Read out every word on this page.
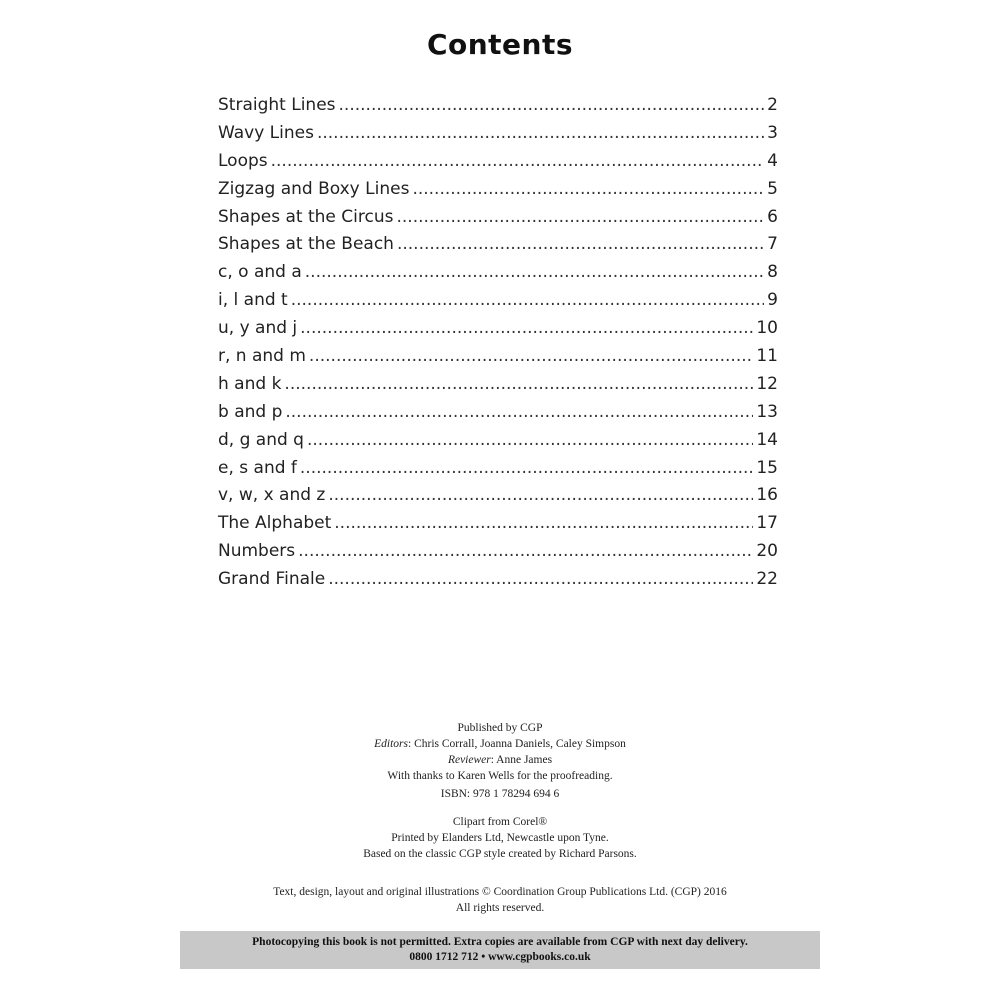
Contents
Straight Lines .....	2
Wavy Lines .....	3
Loops .....	4
Zigzag and Boxy Lines .....	5
Shapes at the Circus .....	6
Shapes at the Beach .....	7
c, o and a .....	8
i, l and t .....	9
u, y and j .....	10
r, n and m .....	11
h and k .....	12
b and p .....	13
d, g and q .....	14
e, s and f .....	15
v, w, x and z .....	16
The Alphabet .....	17
Numbers .....	20
Grand Finale .....	22
Published by CGP
Editors: Chris Corrall, Joanna Daniels, Caley Simpson
Reviewer: Anne James
With thanks to Karen Wells for the proofreading.
ISBN: 978 1 78294 694 6
Clipart from Corel®
Printed by Elanders Ltd, Newcastle upon Tyne.
Based on the classic CGP style created by Richard Parsons.
Text, design, layout and original illustrations © Coordination Group Publications Ltd. (CGP) 2016
All rights reserved.
Photocopying this book is not permitted. Extra copies are available from CGP with next day delivery.
0800 1712 712 • www.cgpbooks.co.uk
